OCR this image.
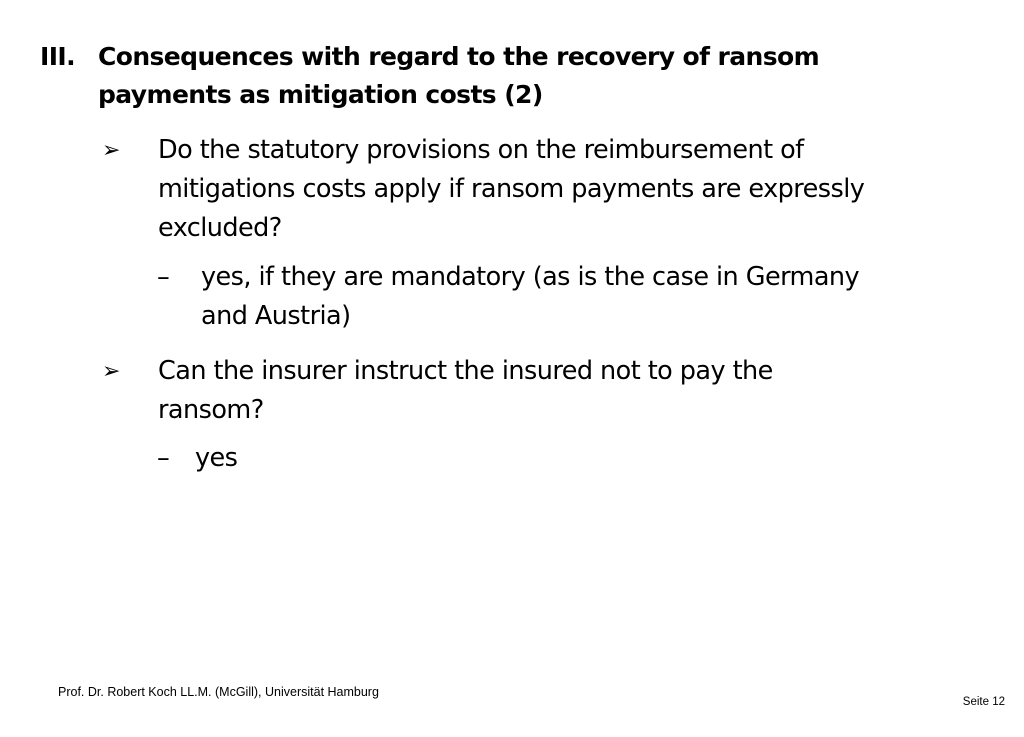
III. Consequences with regard to the recovery of ransom payments as mitigation costs (2)
➢	Do the statutory provisions on the reimbursement of mitigations costs apply if ransom payments are expressly excluded?
–	yes, if they are mandatory (as is the case in Germany and Austria)
➢	Can the insurer instruct the insured not to pay the ransom?
–	yes
Prof. Dr. Robert Koch LL.M. (McGill), Universität Hamburg
Seite 12
